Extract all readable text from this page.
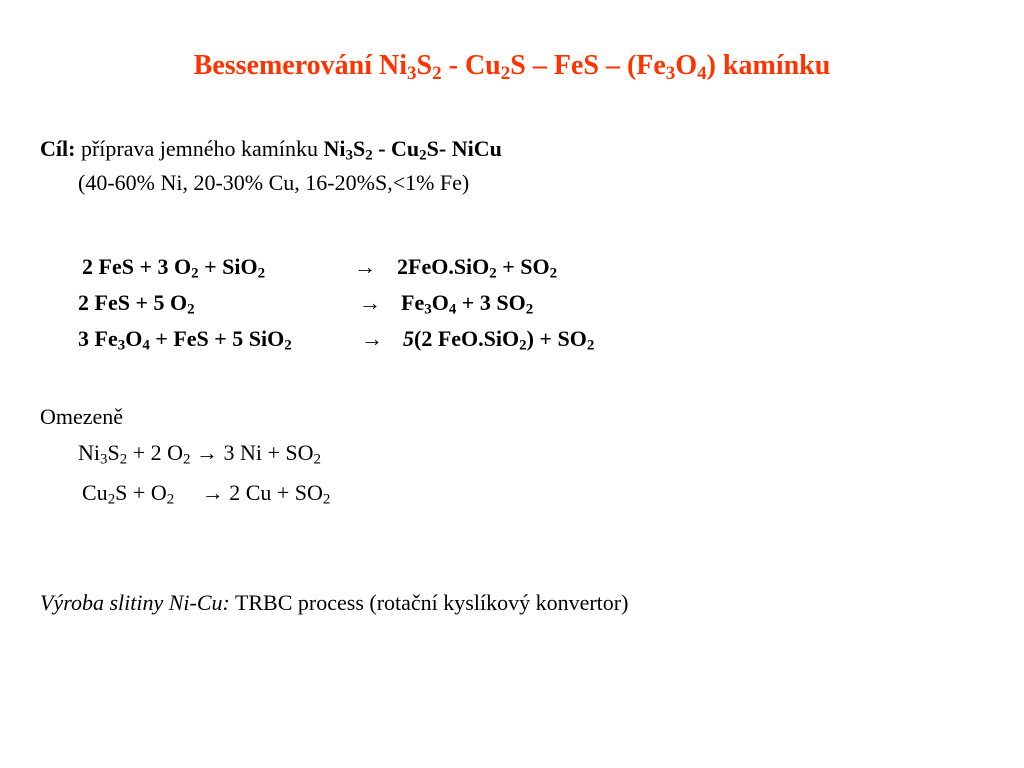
Bessemerování $Ni_3S_2 - Cu_2S$ – FeS – $(Fe_3O_4)$ kamínku
Cíl: příprava jemného kamínku $Ni_3S_2 - Cu_2S-$ NiCu
(40-60% Ni, 20-30% Cu, 16-20%S,<1% Fe)
2 FeS + 3 $O_2 + SiO_2$	→ $2FeO.SiO_2 + SO_2$
2 FeS + 5 $O_2$	→ $Fe_3O_4 + 3$ $SO_2$
3 $Fe_3O_4$ + FeS + 5 SiO$_2$	→ 5(2 $FeO.SiO_2) + SO_2$
Omezeně
$Ni_3S_2 + 2$ $O_2 \to 3$ $Ni + SO_2$
$Cu_2S + O_2 \to 2$ $Cu + SO_2$
Výroba slitiny Ni-Cu: TRBC process (rotační kyslíkový konvertor)
